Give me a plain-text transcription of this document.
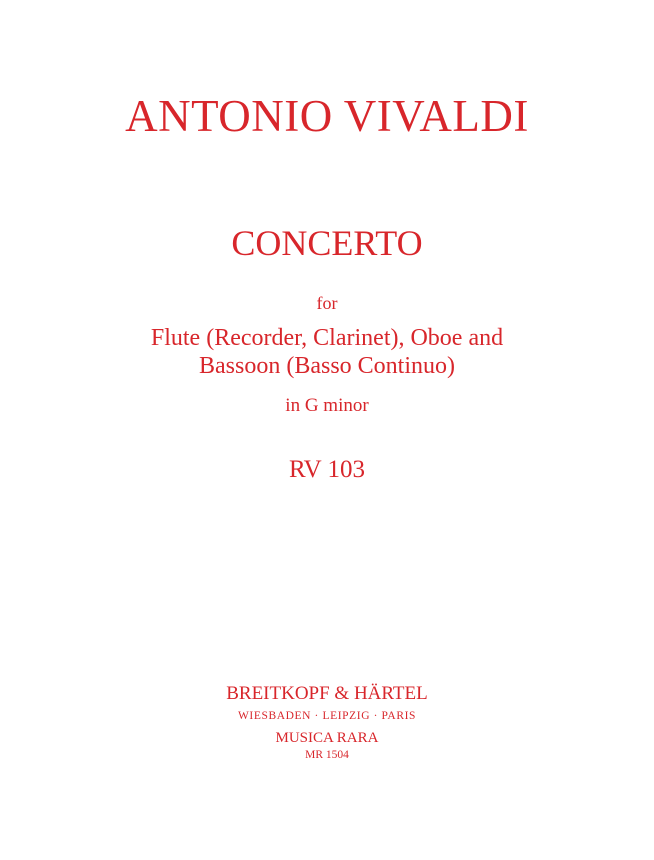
ANTONIO VIVALDI
CONCERTO
for
Flute (Recorder, Clarinet), Oboe and
Bassoon (Basso Continuo)
in G minor
RV 103
BREITKOPF & HÄRTEL
WIESBADEN · LEIPZIG · PARIS
MUSICA RARA
MR 1504
